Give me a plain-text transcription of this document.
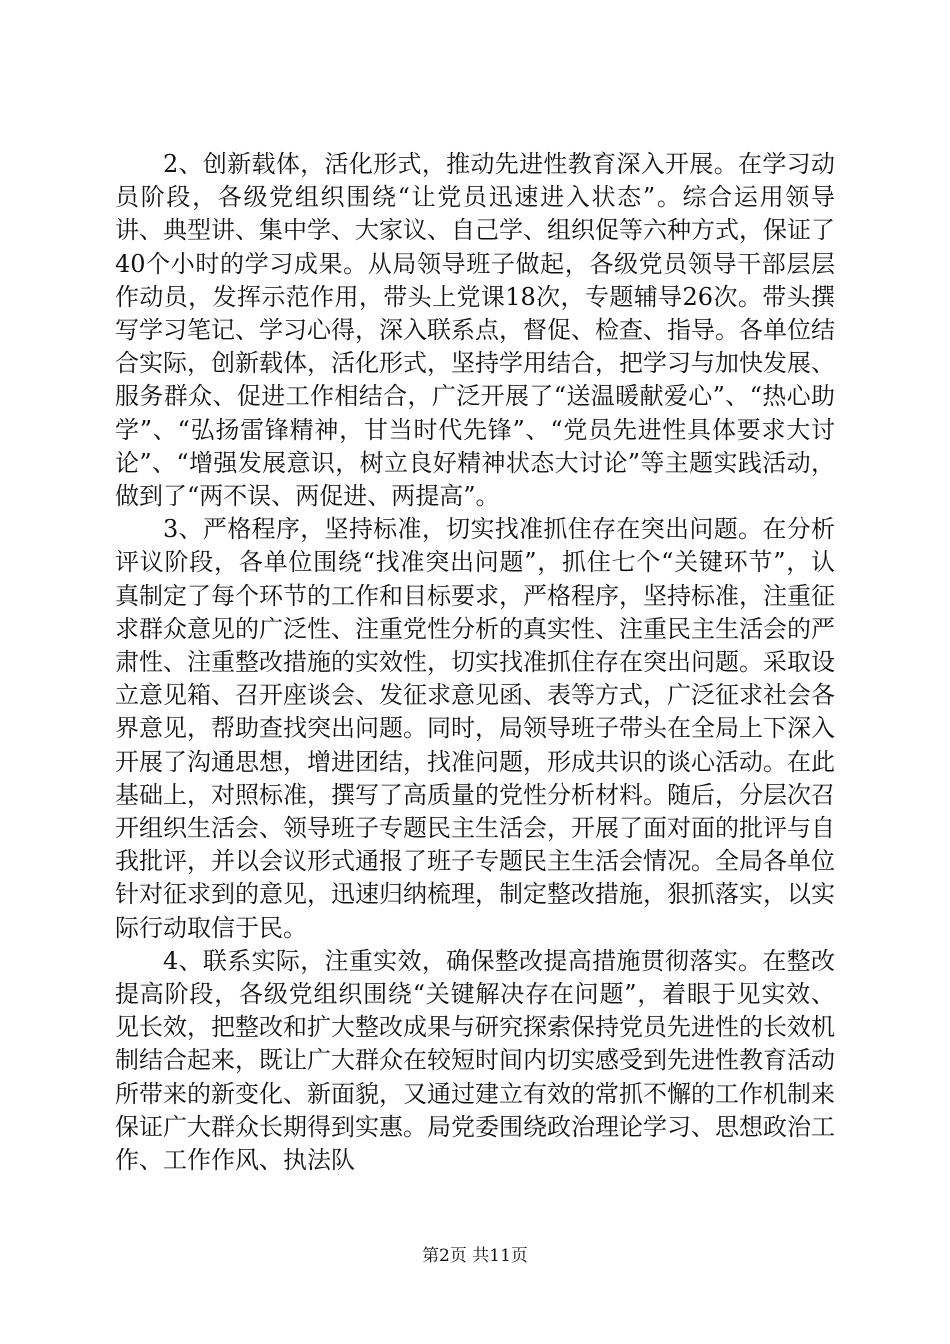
2、创新载体，活化形式，推动先进性教育深入开展。在学习动员阶段，各级党组织围绕“让党员迅速进入状态”。综合运用领导讲、典型讲、集中学、大家议、自己学、组织促等六种方式，保证了40个小时的学习成果。从局领导班子做起，各级党员领导干部层层作动员，发挥示范作用，带头上党课18次，专题辅导26次。带头撰写学习笔记、学习心得，深入联系点，督促、检查、指导。各单位结合实际，创新载体，活化形式，坚持学用结合，把学习与加快发展、服务群众、促进工作相结合，广泛开展了“送温暖献爱心”、“热心助学”、“弘扬雷锋精神，甘当时代先锋”、“党员先进性具体要求大讨论”、“增强发展意识，树立良好精神状态大讨论”等主题实践活动，做到了“两不误、两促进、两提高”。

3、严格程序，坚持标准，切实找准抓住存在突出问题。在分析评议阶段，各单位围绕“找准突出问题”，抓住七个“关键环节”，认真制定了每个环节的工作和目标要求，严格程序，坚持标准，注重征求群众意见的广泛性、注重党性分析的真实性、注重民主生活会的严肃性、注重整改措施的实效性，切实找准抓住存在突出问题。采取设立意见箱、召开座谈会、发征求意见函、表等方式，广泛征求社会各界意见，帮助查找突出问题。同时，局领导班子带头在全局上下深入开展了沟通思想，增进团结，找准问题，形成共识的谈心活动。在此基础上，对照标准，撰写了高质量的党性分析材料。随后，分层次召开组织生活会、领导班子专题民主生活会，开展了面对面的批评与自我批评，并以会议形式通报了班子专题民主生活会情况。全局各单位针对征求到的意见，迅速归纳梳理，制定整改措施，狠抓落实，以实际行动取信于民。

4、联系实际，注重实效，确保整改提高措施贯彻落实。在整改提高阶段，各级党组织围绕“关键解决存在问题”，着眼于见实效、见长效，把整改和扩大整改成果与研究探索保持党员先进性的长效机制结合起来，既让广大群众在较短时间内切实感受到先进性教育活动所带来的新变化、新面貌，又通过建立有效的常抓不懈的工作机制来保证广大群众长期得到实惠。局党委围绕政治理论学习、思想政治工作、工作作风、执法队

第2页 共11页
